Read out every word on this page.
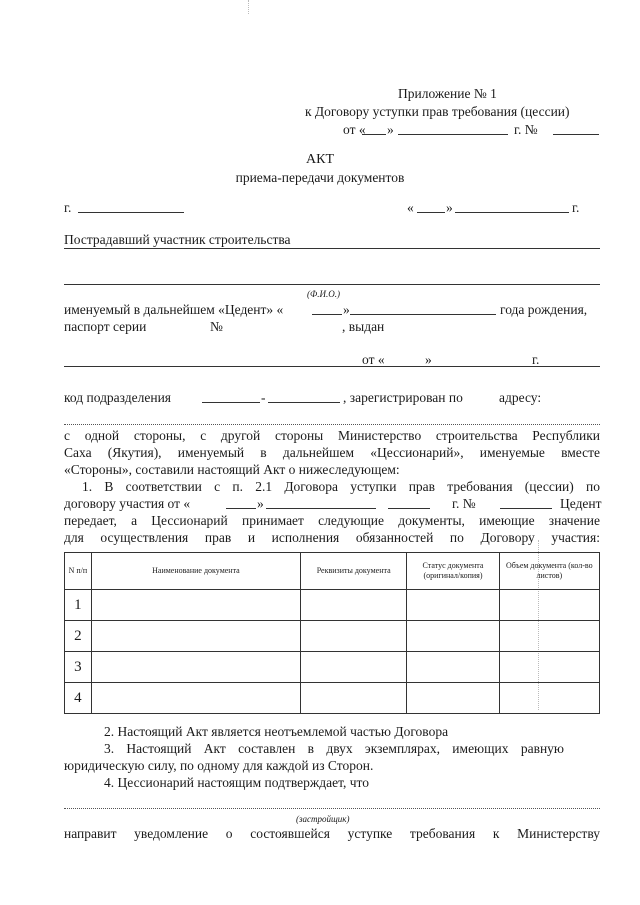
Приложение № 1
к Договору уступки прав требования (цессии)
от « »	г. №
АКТ
приема-передачи документов
г.	« »	г.
Пострадавший участник строительства
(Ф.И.О.)
именуемый в дальнейшем «Цедент» «	»	года рождения,
паспорт серии	№	, выдан
от «	»	г.
код подразделения	-	, зарегистрирован по	адресу:
с одной стороны, с другой стороны Министерство строительства Республики
Саха (Якутия), именуемый в дальнейшем «Цессионарий», именуемые вместе
«Стороны», составили настоящий Акт о нижеследующем:
1. В соответствии с п. 2.1 Договора уступки прав требования (цессии) по
договору участия от «	»	г. №	Цедент
передает, а Цессионарий принимает следующие документы, имеющие значение
для осуществления прав и исполнения обязанностей по Договору участия:
N п/п	Наименование документа	Реквизиты документа	Статус документа (оригинал/копия)	Объем документа (кол-во листов)
1				
2				
3				
4				
2. Настоящий Акт является неотъемлемой частью Договора
3. Настоящий Акт составлен в двух экземплярах, имеющих равную
юридическую силу, по одному для каждой из Сторон.
4. Цессионарий настоящим подтверждает, что
(застройщик)
направит уведомление о состоявшейся уступке требования к Министерству
